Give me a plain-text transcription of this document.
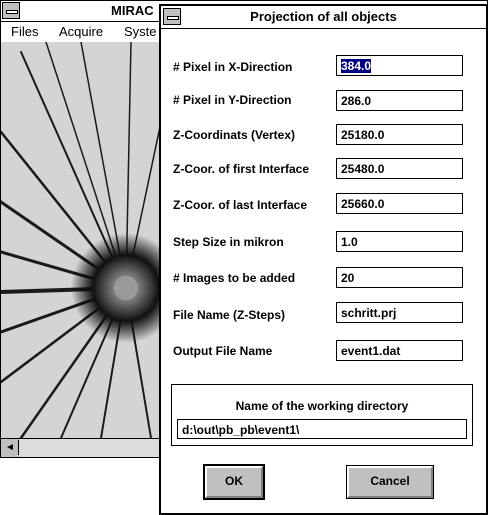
MIRAC
Files Acquire Syste
◄
Projection of all objects
# Pixel in X-Direction	384.0
# Pixel in Y-Direction	286.0
Z-Coordinats (Vertex)	25180.0
Z-Coor. of first Interface	25480.0
Z-Coor. of last Interface	25660.0
Step Size in mikron	1.0
# Images to be added	20
File Name (Z-Steps)	schritt.prj
Output File Name	event1.dat
Name of the working directory
d:\out\pb_pb\event1\
OK	Cancel
